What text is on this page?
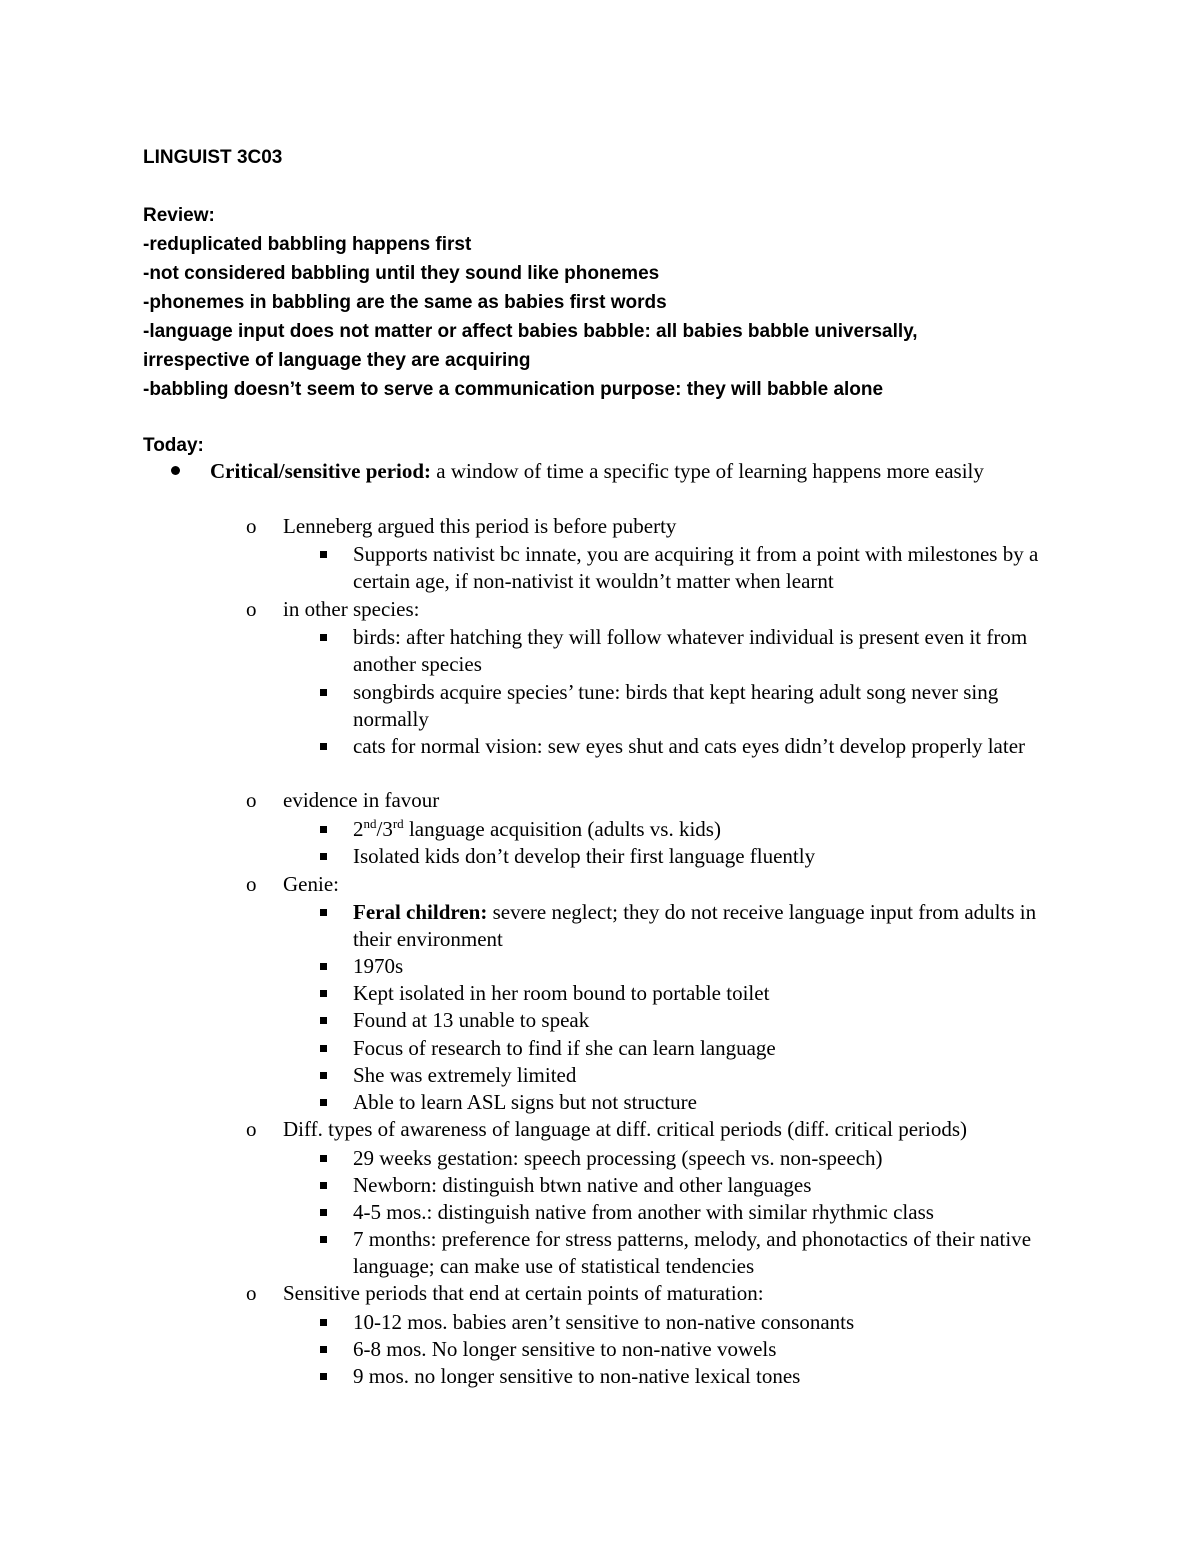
LINGUIST 3C03
Review:
-reduplicated babbling happens first
-not considered babbling until they sound like phonemes
-phonemes in babbling are the same as babies first words
-language input does not matter or affect babies babble: all babies babble universally,
irrespective of language they are acquiring
-babbling doesn’t seem to serve a communication purpose: they will babble alone
Today:
Critical/sensitive period: a window of time a specific type of learning happens more easily
o Lenneberg argued this period is before puberty
Supports nativist bc innate, you are acquiring it from a point with milestones by a certain age, if non-nativist it wouldn’t matter when learnt
o in other species:
birds: after hatching they will follow whatever individual is present even it from another species
songbirds acquire species’ tune: birds that kept hearing adult song never sing normally
cats for normal vision: sew eyes shut and cats eyes didn’t develop properly later
o evidence in favour
2nd/3rd language acquisition (adults vs. kids)
Isolated kids don’t develop their first language fluently
o Genie:
Feral children: severe neglect; they do not receive language input from adults in their environment
1970s
Kept isolated in her room bound to portable toilet
Found at 13 unable to speak
Focus of research to find if she can learn language
She was extremely limited
Able to learn ASL signs but not structure
o Diff. types of awareness of language at diff. critical periods (diff. critical periods)
29 weeks gestation: speech processing (speech vs. non-speech)
Newborn: distinguish btwn native and other languages
4-5 mos.: distinguish native from another with similar rhythmic class
7 months: preference for stress patterns, melody, and phonotactics of their native language; can make use of statistical tendencies
o Sensitive periods that end at certain points of maturation:
10-12 mos. babies aren’t sensitive to non-native consonants
6-8 mos. No longer sensitive to non-native vowels
9 mos. no longer sensitive to non-native lexical tones
